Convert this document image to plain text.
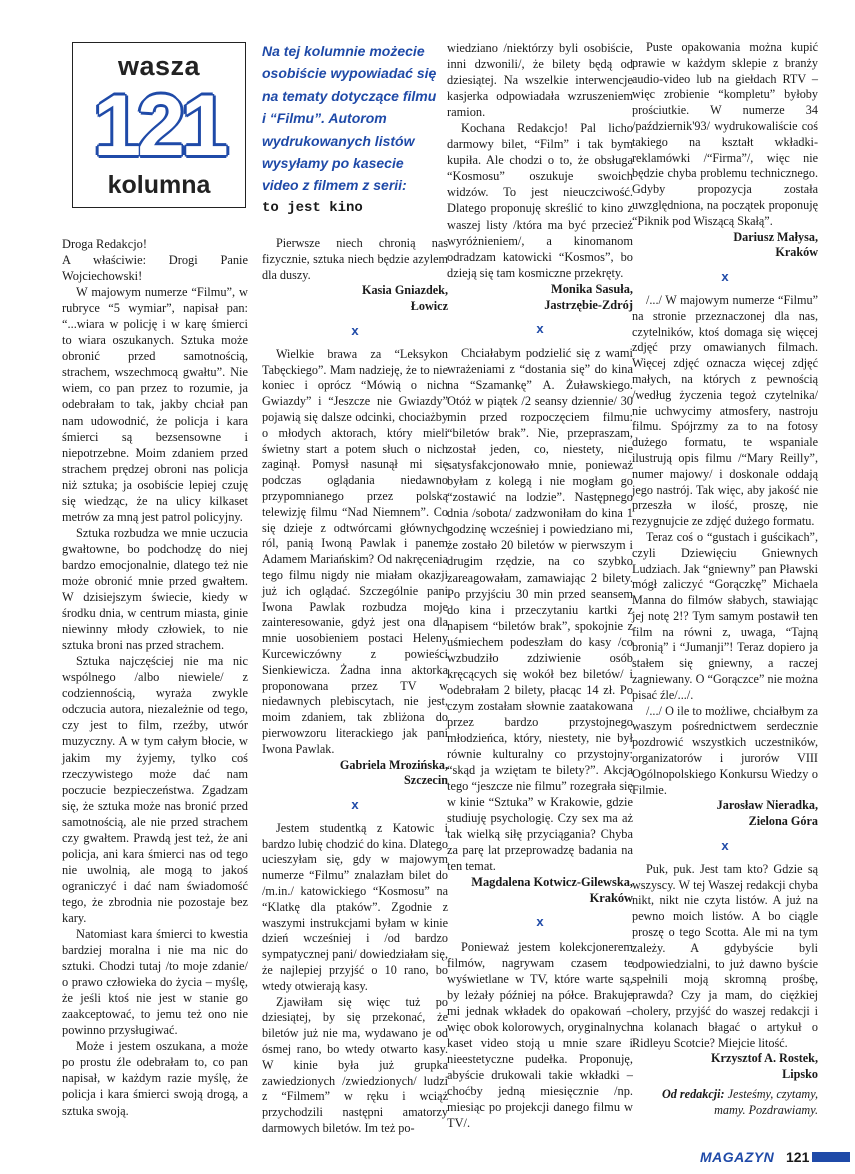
wasza
121
kolumna
Na tej kolumnie możecie osobiście wypowiadać się na tematy dotyczące filmu i “Filmu”. Autorom wydrukowanych listów wysyłamy po kasecie video z filmem z serii:
to jest kino

Droga Redakcjo!

A właściwie: Drogi Panie Wojciechowski!

W majowym numerze “Filmu”, w rubryce “5 wymiar”, napisał pan: “...wiara w policję i w karę śmierci to wiara oszukanych. Sztuka może obronić przed samotnością, strachem, wszechmocą gwałtu”. Nie wiem, co pan przez to rozumie, ja odebrałam to tak, jakby chciał pan nam udowodnić, że policja i kara śmierci są bezsensowne i niepotrzebne. Moim zdaniem przed strachem prędzej obroni nas policja niż sztuka; ja osobiście lepiej czuję się wiedząc, że na ulicy kilkaset metrów za mną jest patrol policyjny.

Sztuka rozbudza we mnie uczucia gwałtowne, bo podchodzę do niej bardzo emocjonalnie, dlatego też nie może obronić mnie przed gwałtem. W dzisiejszym świecie, kiedy w środku dnia, w centrum miasta, ginie niewinny młody człowiek, to nie sztuka broni nas przed strachem.

Sztuka najczęściej nie ma nic wspólnego /albo niewiele/ z codziennością, wyraża zwykle odczucia autora, niezależnie od tego, czy jest to film, rzeźby, utwór muzyczny. A w tym całym błocie, w jakim my żyjemy, tylko coś rzeczywistego może dać nam poczucie bezpieczeństwa. Zgadzam się, że sztuka może nas bronić przed samotnością, ale nie przed strachem czy gwałtem. Prawdą jest też, że ani policja, ani kara śmierci nas od tego nie uwolnią, ale mogą to jakoś ograniczyć i dać nam świadomość tego, że zbrodnia nie pozostaje bez kary.

Natomiast kara śmierci to kwestia bardziej moralna i nie ma nic do sztuki. Chodzi tutaj /to moje zdanie/ o prawo człowieka do życia – myślę, że jeśli ktoś nie jest w stanie go zaakceptować, to jemu też ono nie powinno przysługiwać.

Może i jestem oszukana, a może po prostu źle odebrałam to, co pan napisał, w każdym razie myślę, że policja i kara śmierci swoją drogą, a sztuka swoją.

Pierwsze niech chronią nas fizycznie, sztuka niech będzie azylem dla duszy.

Kasia Gniazdek,

Łowicz

x

Wielkie brawa za “Leksykon Tabęckiego”. Mam nadzieję, że to nie koniec i oprócz “Mówią o nich Gwiazdy” i “Jeszcze nie Gwiazdy” pojawią się dalsze odcinki, chociażby o młodych aktorach, który mieli świetny start a potem słuch o nich zaginął. Pomysł nasunął mi się podczas oglądania niedawno przypomnianego przez polską telewizję filmu “Nad Niemnem”. Co się dzieje z odtwórcami głównych ról, panią Iwoną Pawlak i panem Adamem Mariańskim? Od nakręcenia tego filmu nigdy nie miałam okazji już ich oglądać. Szczególnie pani Iwona Pawlak rozbudza moje zainteresowanie, gdyż jest ona dla mnie uosobieniem postaci Heleny Kurcewiczówny z powieści Sienkiewicza. Żadna inna aktorka proponowana przez TV w niedawnych plebiscytach, nie jest, moim zdaniem, tak zbliżona do pierwowzoru literackiego jak pani Iwona Pawlak.

Gabriela Mrozińska,

Szczecin

x

Jestem studentką z Katowic i bardzo lubię chodzić do kina. Dlatego ucieszyłam się, gdy w majowym numerze “Filmu” znalazłam bilet do /m.in./ katowickiego “Kosmosu” na “Klatkę dla ptaków”. Zgodnie z waszymi instrukcjami byłam w kinie dzień wcześniej i /od bardzo sympatycznej pani/ dowiedziałam się, że najlepiej przyjść o 10 rano, bo wtedy otwierają kasy.

Zjawiłam się więc tuż po dziesiątej, by się przekonać, że biletów już nie ma, wydawano je od ósmej rano, bo wtedy otwarto kasy. W kinie była już grupka zawiedzionych /zwiedzionych/ ludzi z “Filmem” w ręku i wciąż przychodzili następni amatorzy darmowych biletów. Im też po-

wiedziano /niektórzy byli osobiście, inni dzwonili/, że bilety będą od dziesiątej. Na wszelkie interwencje kasjerka odpowiadała wzruszeniem ramion.

Kochana Redakcjo! Pal licho darmowy bilet, “Film” i tak bym kupiła. Ale chodzi o to, że obsługa “Kosmosu” oszukuje swoich widzów. To jest nieuczciwość. Dlatego proponuję skreślić to kino z waszej listy /która ma być przecież wyróżnieniem/, a kinomanom odradzam katowicki “Kosmos”, bo dzieją się tam kosmiczne przekręty.

Monika Sasuła,

Jastrzębie-Zdrój

x

Chciałabym podzielić się z wami wrażeniami z “dostania się” do kina na “Szamankę” A. Żuławskiego. Otóż w piątek /2 seansy dziennie/ 30 min przed rozpoczęciem filmu: “biletów brak”. Nie, przepraszam, został jeden, co, niestety, nie satysfakcjonowało mnie, ponieważ byłam z kolegą i nie mogłam go “zostawić na lodzie”. Następnego dnia /sobota/ zadzwoniłam do kina 1 godzinę wcześniej i powiedziano mi, że zostało 20 biletów w pierwszym i drugim rzędzie, na co szybko zareagowałam, zamawiając 2 bilety. Po przyjściu 30 min przed seansem do kina i przeczytaniu kartki z napisem “biletów brak”, spokojnie z uśmiechem podeszłam do kasy /co wzbudziło zdziwienie osób kręcących się wokół bez biletów/ i odebrałam 2 bilety, płacąc 14 zł. Po czym zostałam słownie zaatakowana przez bardzo przystojnego młodzieńca, który, niestety, nie był równie kulturalny co przystojny: “skąd ja wziętam te bilety?”. Akcja tego “jeszcze nie filmu” rozegrała się w kinie “Sztuka” w Krakowie, gdzie studiuję psychologię. Czy sex ma aż tak wielką siłę przyciągania? Chyba za parę lat przeprowadzę badania na ten temat.

Magdalena Kotwicz-Gilewska,

Kraków

x

Ponieważ jestem kolekcjonerem filmów, nagrywam czasem te wyświetlane w TV, które warte są, by leżały później na półce. Brakuje mi jednak wkładek do opakowań – więc obok kolorowych, oryginalnych kaset video stoją u mnie szare i nieestetyczne pudełka. Proponuję, abyście drukowali takie wkładki – choćby jedną miesięcznie /np. miesiąc po projekcji danego filmu w TV/.

Puste opakowania można kupić prawie w każdym sklepie z branży audio-video lub na giełdach RTV – więc zrobienie “kompletu” byłoby prościutkie. W numerze 34 /październik'93/ wydrukowaliście coś takiego na kształt wkładki-reklamówki /“Firma”/, więc nie będzie chyba problemu technicznego. Gdyby propozycja została uwzględniona, na początek proponuję “Piknik pod Wiszącą Skałą”.

Dariusz Małysa,

Kraków

x

/.../ W majowym numerze “Filmu” na stronie przeznaczonej dla nas, czytelników, ktoś domaga się więcej zdjęć przy omawianych filmach. Więcej zdjęć oznacza więcej zdjęć małych, na których z pewnością /według życzenia tegoż czytelnika/ nie uchwycimy atmosfery, nastroju filmu. Spójrzmy za to na fotosy dużego formatu, te wspaniale ilustrują opis filmu /“Mary Reilly”, numer majowy/ i doskonale oddają jego nastrój. Tak więc, aby jakość nie przeszła w ilość, proszę, nie rezygnujcie ze zdjęć dużego formatu.

Teraz coś o “gustach i guścikach”, czyli Dziewięciu Gniewnych Ludziach. Jak “gniewny” pan Pławski mógł zaliczyć “Gorączkę” Michaela Manna do filmów słabych, stawiając jej notę 2!? Tym samym postawił ten film na równi z, uwaga, “Tajną bronią” i “Jumanji”! Teraz dopiero ja stałem się gniewny, a raczej zagniewany. O “Gorączce” nie można pisać źle/.../.

/.../ O ile to możliwe, chciałbym za waszym pośrednictwem serdecznie pozdrowić wszystkich uczestników, organizatorów i jurorów VIII Ogólnopolskiego Konkursu Wiedzy o Filmie.

Jarosław Nieradka,

Zielona Góra

x

Puk, puk. Jest tam kto? Gdzie są wszyscy. W tej Waszej redakcji chyba nikt, nikt nie czyta listów. A już na pewno moich listów. A bo ciągle proszę o tego Scotta. Ale mi na tym zależy. A gdybyście byli odpowiedzialni, to już dawno byście spełnili moją skromną prośbę, prawda? Czy ja mam, do ciężkiej cholery, przyjść do waszej redakcji i na kolanach błagać o artykuł o Ridleyu Scotcie? Miejcie litość.

Krzysztof A. Rostek,

Lipsko

Od redakcji: Jesteśmy, czytamy, mamy. Pozdrawiamy.

MAGAZYN 121
